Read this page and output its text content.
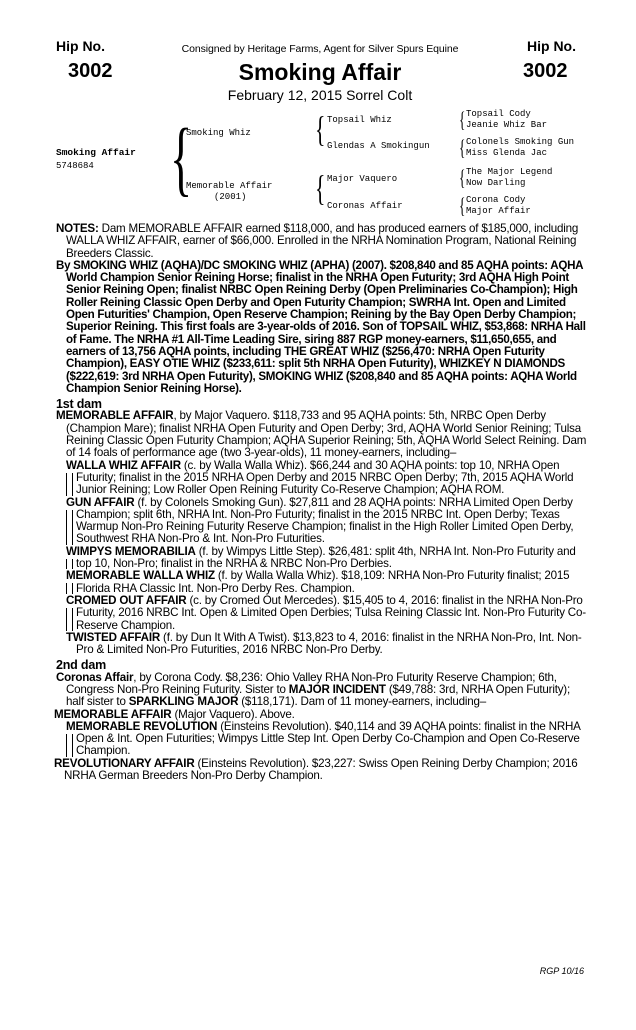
Hip No.
3002
Hip No.
3002
Consigned by Heritage Farms, Agent for Silver Spurs Equine
Smoking Affair
February 12, 2015 Sorrel Colt
Smoking Affair
5748684 {
Smoking Whiz
Memorable Affair
(2001)
{ Topsail Whiz
Glendas A Smokingun
{ Major Vaquero
Coronas Affair
{ Topsail Cody
Jeanie Whiz Bar
{ Colonels Smoking Gun
Miss Glenda Jac
{ The Major Legend
Now Darling
{ Corona Cody
Major Affair

NOTES: Dam MEMORABLE AFFAIR earned $118,000, and has produced earners of $185,000, including WALLA WHIZ AFFAIR, earner of $66,000. Enrolled in the NRHA Nomination Program, National Reining Breeders Classic.

By SMOKING WHIZ (AQHA)/DC SMOKING WHIZ (APHA) (2007). $208,840 and 85 AQHA points: AQHA World Champion Senior Reining Horse; finalist in the NRHA Open Futurity; 3rd AQHA High Point Senior Reining Open; finalist NRBC Open Reining Derby (Open Preliminaries Co-Champion); High Roller Reining Classic Open Derby and Open Futurity Champion; SWRHA Int. Open and Limited Open Futurities' Champion, Open Reserve Champion; Reining by the Bay Open Derby Champion; Superior Reining. This first foals are 3-year-olds of 2016. Son of TOPSAIL WHIZ, $53,868: NRHA Hall of Fame. The NRHA #1 All-Time Leading Sire, siring 887 RGP money-earners, $11,650,655, and earners of 13,756 AQHA points, including THE GREAT WHIZ ($256,470: NRHA Open Futurity Champion), EASY OTIE WHIZ ($233,611: split 5th NRHA Open Futurity), WHIZKEY N DIAMONDS ($222,619: 3rd NRHA Open Futurity), SMOKING WHIZ ($208,840 and 85 AQHA points: AQHA World Champion Senior Reining Horse).

1st dam

MEMORABLE AFFAIR, by Major Vaquero. $118,733 and 95 AQHA points: 5th, NRBC Open Derby (Champion Mare); finalist NRHA Open Futurity and Open Derby; 3rd, AQHA World Senior Reining; Tulsa Reining Classic Open Futurity Champion; AQHA Superior Reining; 5th, AQHA World Select Reining. Dam of 14 foals of performance age (two 3-year-olds), 11 money-earners, including–

WALLA WHIZ AFFAIR (c. by Walla Walla Whiz). $66,244 and 30 AQHA points: top 10, NRHA Open Futurity; finalist in the 2015 NRHA Open Derby and 2015 NRBC Open Derby; 7th, 2015 AQHA World Junior Reining; Low Roller Open Reining Futurity Co-Reserve Champion; AQHA ROM.

GUN AFFAIR (f. by Colonels Smoking Gun). $27,811 and 28 AQHA points: NRHA Limited Open Derby Champion; split 6th, NRHA Int. Non-Pro Futurity; finalist in the 2015 NRBC Int. Open Derby; Texas Warmup Non-Pro Reining Futurity Reserve Champion; finalist in the High Roller Limited Open Derby, Southwest RHA Non-Pro & Int. Non-Pro Futurities.

WIMPYS MEMORABILIA (f. by Wimpys Little Step). $26,481: split 4th, NRHA Int. Non-Pro Futurity and top 10, Non-Pro; finalist in the NRHA & NRBC Non-Pro Derbies.

MEMORABLE WALLA WHIZ (f. by Walla Walla Whiz). $18,109: NRHA Non-Pro Futurity finalist; 2015 Florida RHA Classic Int. Non-Pro Derby Res. Champion.

CROMED OUT AFFAIR (c. by Cromed Out Mercedes). $15,405 to 4, 2016: finalist in the NRHA Non-Pro Futurity, 2016 NRBC Int. Open & Limited Open Derbies; Tulsa Reining Classic Int. Non-Pro Futurity Co-Reserve Champion.

TWISTED AFFAIR (f. by Dun It With A Twist). $13,823 to 4, 2016: finalist in the NRHA Non-Pro, Int. Non-Pro & Limited Non-Pro Futurities, 2016 NRBC Non-Pro Derby.

2nd dam

Coronas Affair, by Corona Cody. $8,236: Ohio Valley RHA Non-Pro Futurity Reserve Champion; 6th, Congress Non-Pro Reining Futurity. Sister to MAJOR INCIDENT ($49,788: 3rd, NRHA Open Futurity); half sister to SPARKLING MAJOR ($118,171). Dam of 11 money-earners, including–

MEMORABLE AFFAIR (Major Vaquero). Above.

MEMORABLE REVOLUTION (Einsteins Revolution). $40,114 and 39 AQHA points: finalist in the NRHA Open & Int. Open Futurities; Wimpys Little Step Int. Open Derby Co-Champion and Open Co-Reserve Champion.

REVOLUTIONARY AFFAIR (Einsteins Revolution). $23,227: Swiss Open Reining Derby Champion; 2016 NRHA German Breeders Non-Pro Derby Champion.

RGP 10/16
